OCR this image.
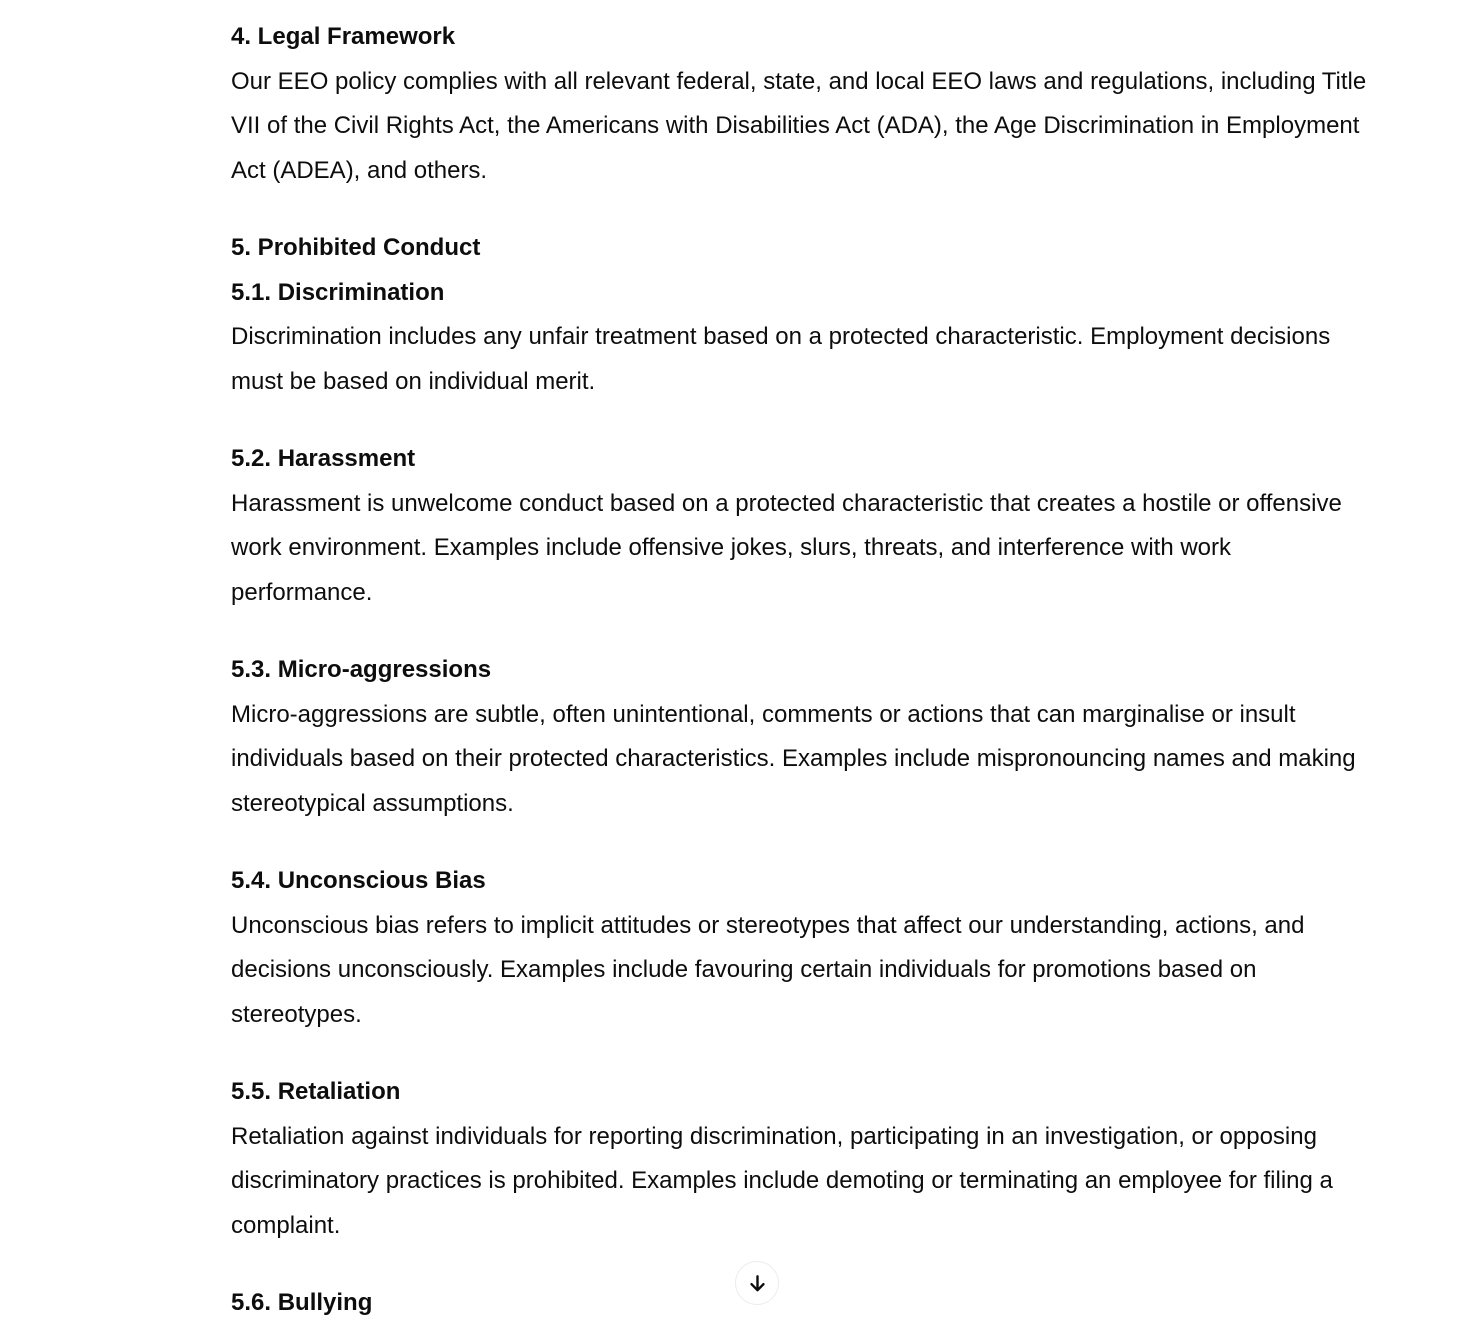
4. Legal Framework

Our EEO policy complies with all relevant federal, state, and local EEO laws and regulations, including Title VII of the Civil Rights Act, the Americans with Disabilities Act (ADA), the Age Discrimination in Employment Act (ADEA), and others.

5. Prohibited Conduct
5.1. Discrimination

Discrimination includes any unfair treatment based on a protected characteristic. Employment decisions must be based on individual merit.

5.2. Harassment

Harassment is unwelcome conduct based on a protected characteristic that creates a hostile or offensive work environment. Examples include offensive jokes, slurs, threats, and interference with work performance.

5.3. Micro-aggressions

Micro-aggressions are subtle, often unintentional, comments or actions that can marginalise or insult individuals based on their protected characteristics. Examples include mispronouncing names and making stereotypical assumptions.

5.4. Unconscious Bias

Unconscious bias refers to implicit attitudes or stereotypes that affect our understanding, actions, and decisions unconsciously. Examples include favouring certain individuals for promotions based on stereotypes.

5.5. Retaliation

Retaliation against individuals for reporting discrimination, participating in an investigation, or opposing discriminatory practices is prohibited. Examples include demoting or terminating an employee for filing a complaint.

5.6. Bullying
